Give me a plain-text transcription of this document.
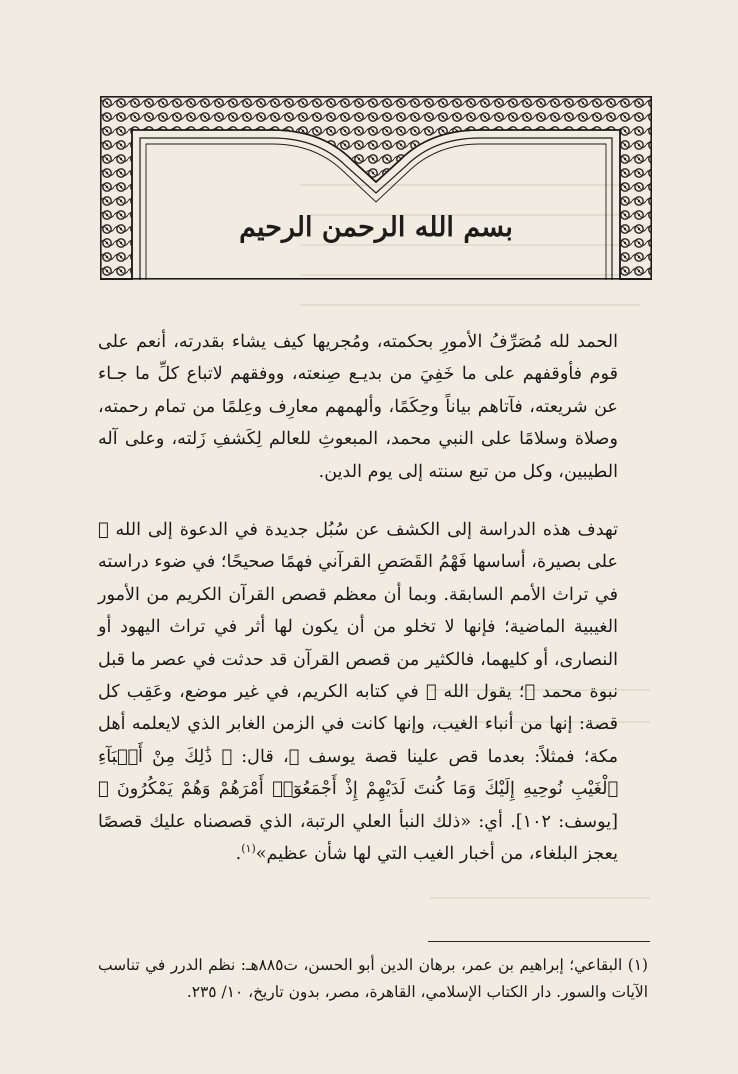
بسم الله الرحمن الرحيم

الحمد لله مُصَرِّفُ الأمورِ بحكمته، ومُجريها كيف يشاء بقدرته، أنعم على قوم فأوقفهم على ما خَفِيَ من بديـع صِنعته، ووفقهم لاتباع كلِّ ما جـاء عن شريعته، فآتاهم بياناً وحِكَمًا، وألهمهم معارِف وعِلمًا من تمام رحمته، وصلاة وسلامًا على النبي محمد، المبعوثِ للعالم لِكَشفِ زَلته، وعلى آله الطيبين، وكل من تبع سنته إلى يوم الدين.

تهدف هذه الدراسة إلى الكشف عن سُبُل جديدة في الدعوة إلى الله ﷺ على بصيرة، أساسها فَهْمُ القَصَصِ القرآني فهمًا صحيحًا؛ في ضوء دراسته في تراث الأمم السابقة. وبما أن معظم قصص القرآن الكريم من الأمور الغيبية الماضية؛ فإنها لا تخلو من أن يكون لها أثر في تراث اليهود أو النصارى، أو كليهما، فالكثير من قصص القرآن قد حدثت في عصر ما قبل نبوة محمد ﷺ؛ يقول الله ﷺ في كتابه الكريم، في غير موضع، وعَقِب كل قصة: إنها من أنباء الغيب، وإنها كانت في الزمن الغابر الذي لايعلمه أهل مكة؛ فمثلاً: بعدما قص علينا قصة يوسف ﷺ، قال: ﴿ ذَٰلِكَ مِنْ أَنۢبَآءِ ٱلْغَيْبِ نُوحِيهِ إِلَيْكَ وَمَا كُنتَ لَدَيْهِمْ إِذْ أَجْمَعُوٓا۟ أَمْرَهُمْ وَهُمْ يَمْكُرُونَ ﴾ [يوسف: ١٠٢]. أي: «ذلك النبأ العلي الرتبة، الذي قصصناه عليك قصصًا يعجز البلغاء، من أخبار الغيب التي لها شأن عظيم»$^{(١)}$.

(١) البقاعي؛ إبراهيم بن عمر، برهان الدين أبو الحسن، ت٨٨٥هـ: نظم الدرر في تناسب الآيات والسور. دار الكتاب الإسلامي، القاهرة، مصر، بدون تاريخ، ١٠/ ٢٣٥.
